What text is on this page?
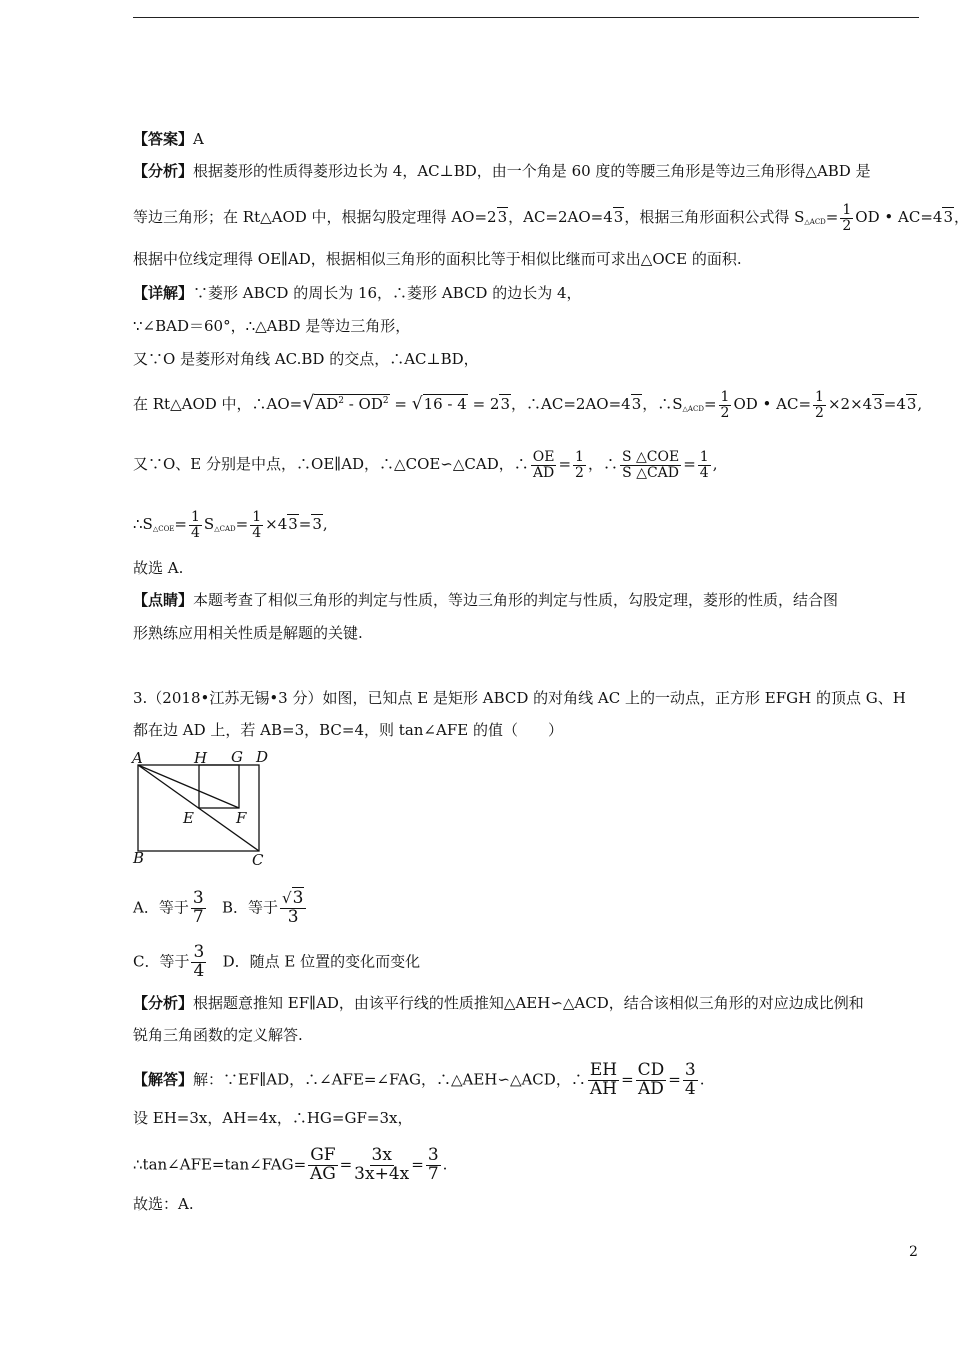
【答案】A
【分析】根据菱形的性质得菱形边长为 4，AC⊥BD，由一个角是 60 度的等腰三角形是等边三角形得△ABD 是
等边三角形；在 Rt△AOD 中，根据勾股定理得 AO=23，AC=2AO=43，根据三角形面积公式得 $S_{\triangle ACD}= \frac{1}{2}$ OD • AC=43，
根据中位线定理得 OE∥AD，根据相似三角形的面积比等于相似比继而可求出△OCE 的面积.
【详解】∵菱形 ABCD 的周长为 16，∴菱形 ABCD 的边长为 4，
∵∠BAD＝60°，∴△ABD 是等边三角形，
又∵O 是菱形对角线 AC.BD 的交点，∴AC⊥BD，
在 Rt△AOD 中，$\therefore AO=√AD^2 - OD^2 = √16 - 4 = 23$，∴AC=2AO=43，$\therefore S_{\triangle ACD}= \frac{1}{2}$ OD • $AC= \frac{1}{2} \times 2\times 43=43$,
又∵O、E 分别是中点，∴OE∥AD，∴△COE∽△CAD，∴ $\frac{OE}{AD} = \frac{1}{2}$ ，∴ $\frac{\text{S △COE}}{\text{S △CAD}} = \frac{1}{4}$ ,
$\therefore S_{\triangle COE}= \frac{1}{4} S_{\triangle CAD}= \frac{1}{4} \times 43=3$,
故选 A.
【点睛】本题考查了相似三角形的判定与性质，等边三角形的判定与性质，勾股定理，菱形的性质，结合图
形熟练应用相关性质是解题的关键.
3.（2018•江苏无锡•3 分）如图，已知点 E 是矩形 ABCD 的对角线 AC 上的一动点，正方形 EFGH 的顶点 G、H
都在边 AD 上，若 AB=3，BC=4，则 tan∠AFE 的值（　　）
A	H G D
E	F
B	C
A．等于 $\frac{3}{7}$ B．等于 $\frac{√3}{3}$
C．等于 $\frac{3}{4}$ D．随点 E 位置的变化而变化
【分析】根据题意推知 EF∥AD，由该平行线的性质推知△AEH∽△ACD，结合该相似三角形的对应边成比例和
锐角三角函数的定义解答.
【解答】解：∵EF∥AD，∴∠AFE=∠FAG，∴△AEH∽△ACD，∴ $\frac{EH}{AH} = \frac{CD}{AD} = \frac{3}{4}$ .
设 EH=3x，AH=4x，∴HG=GF=3x，
∴tan∠AFE=tan∠FAG= $\frac{GF}{AG} = \frac{3x}{3x+4x} = \frac{3}{7}$ .
故选：A.
2
